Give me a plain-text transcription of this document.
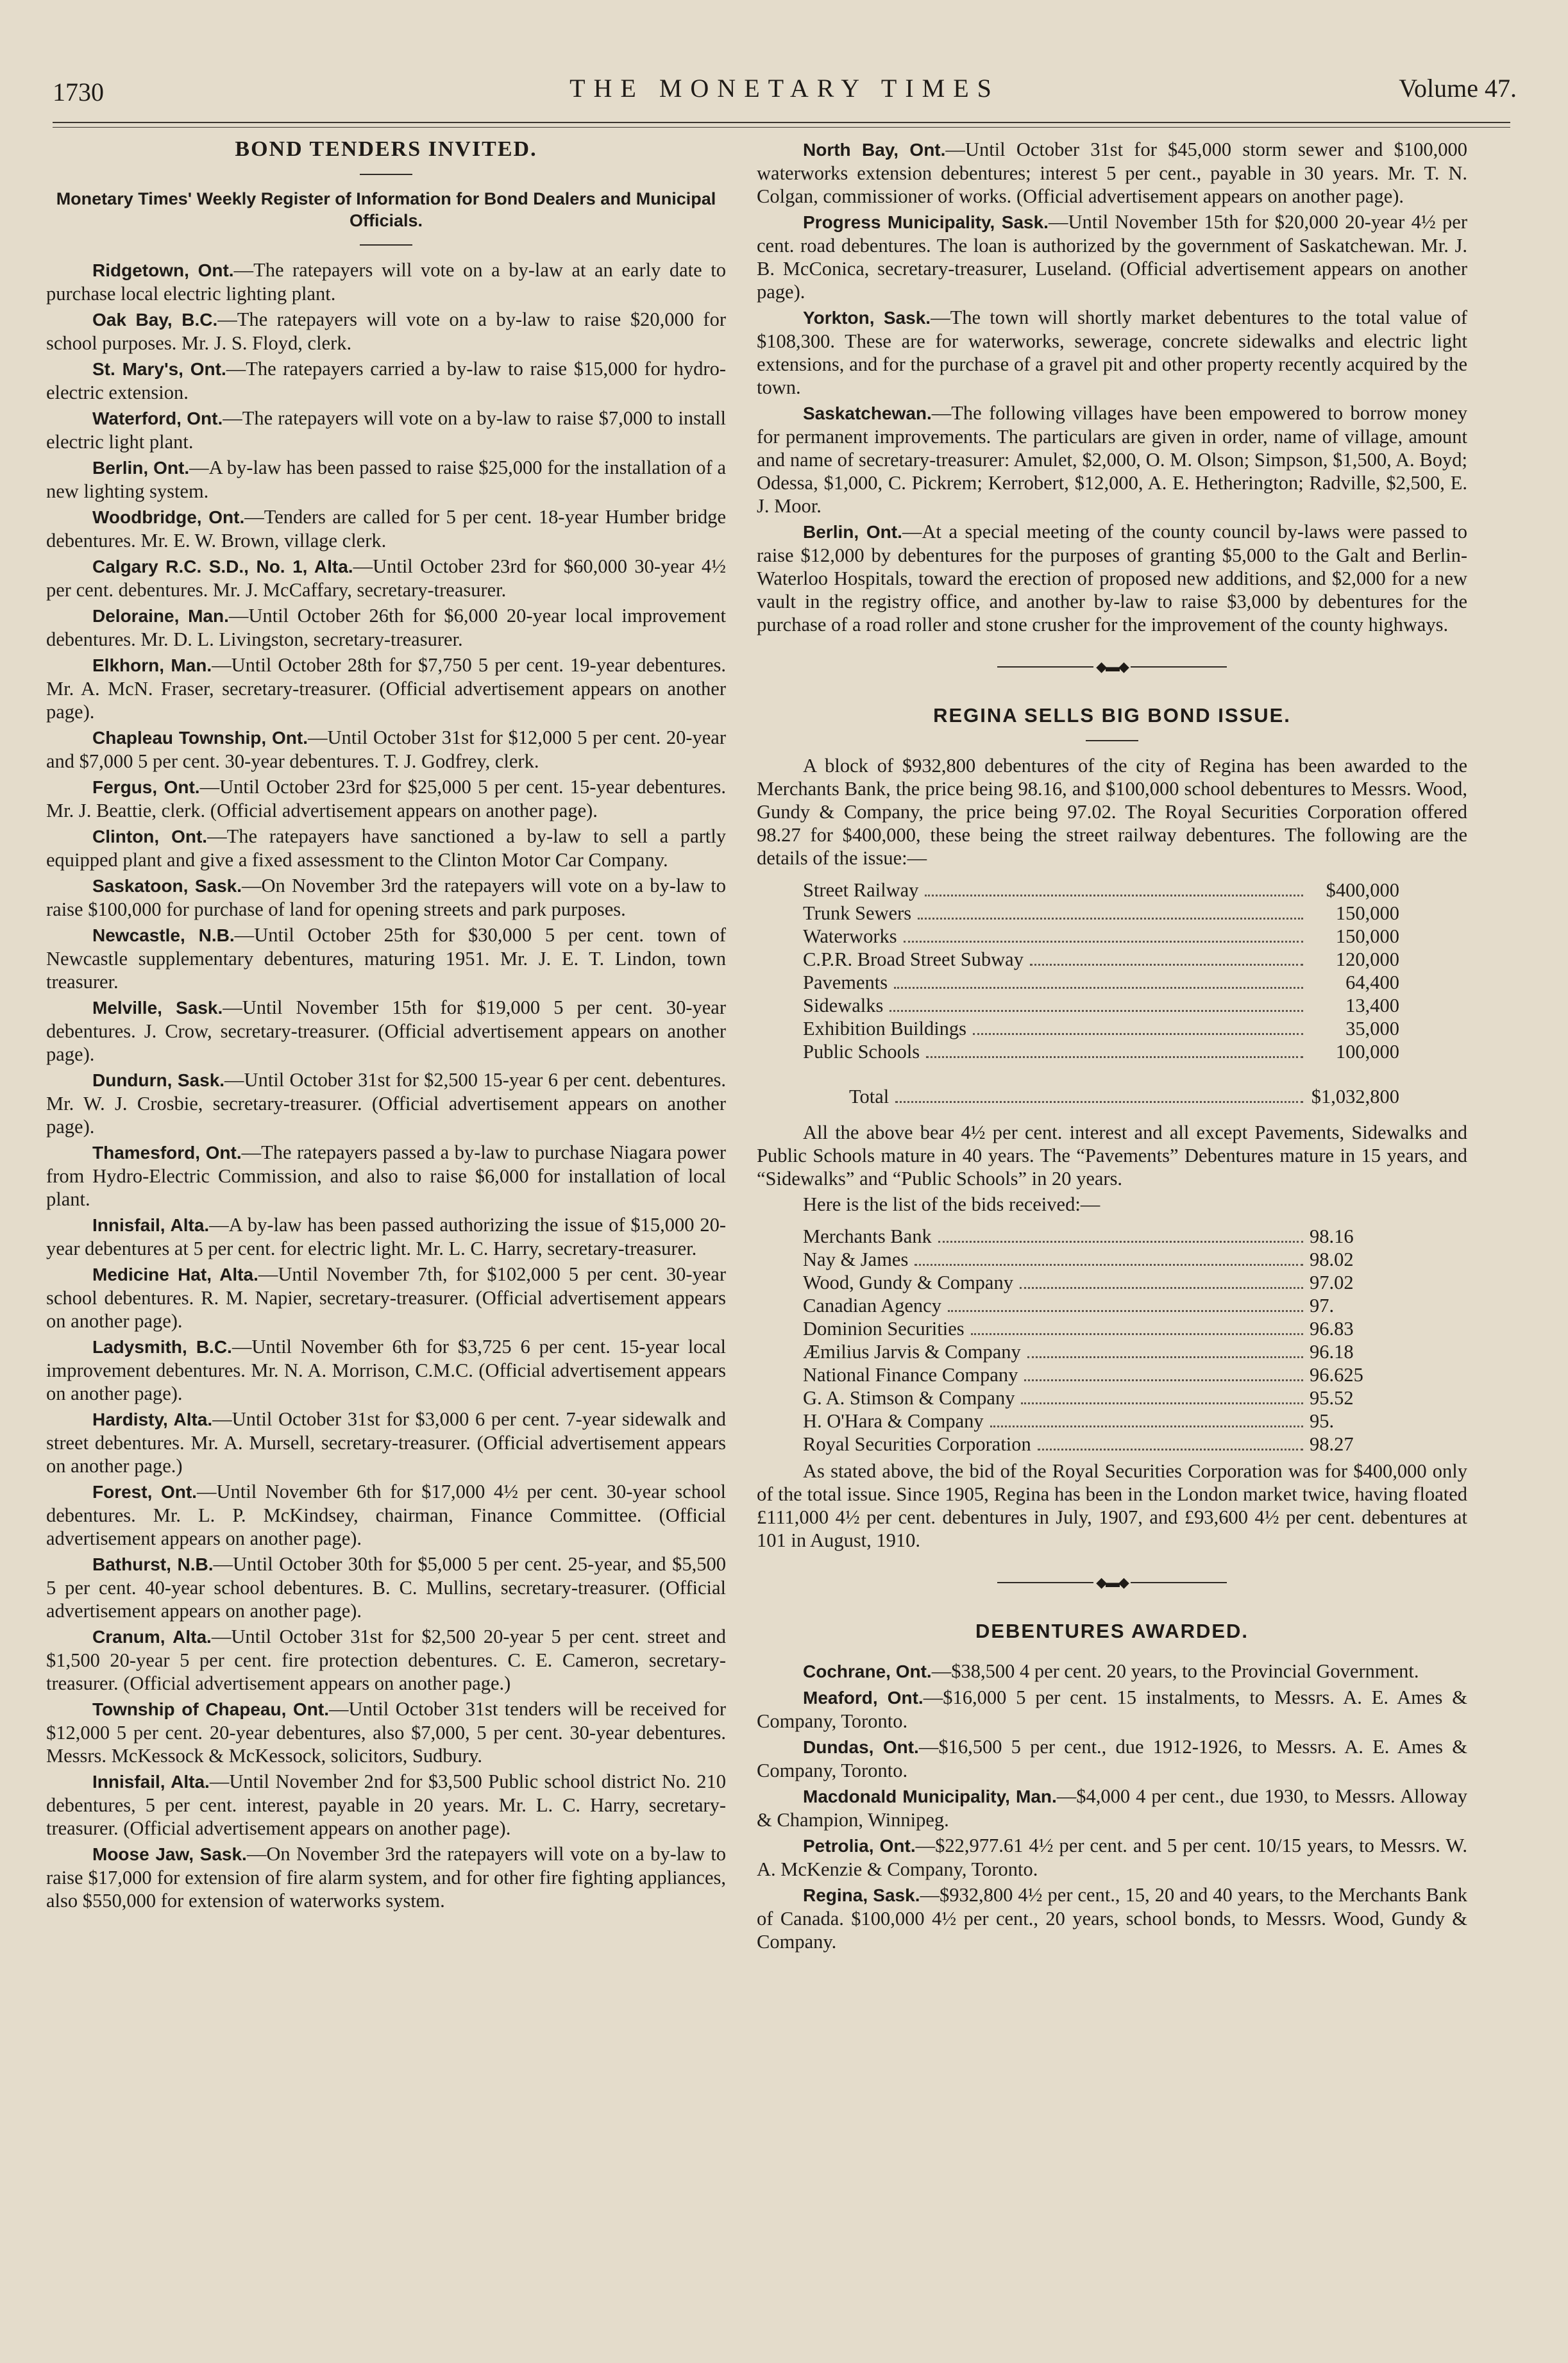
1730	THE MONETARY TIMES	Volume 47.
BOND TENDERS INVITED.
Monetary Times' Weekly Register of Information for Bond Dealers and Municipal Officials.

Ridgetown, Ont.—The ratepayers will vote on a by-law at an early date to purchase local electric lighting plant.

Oak Bay, B.C.—The ratepayers will vote on a by-law to raise $20,000 for school purposes. Mr. J. S. Floyd, clerk.

St. Mary's, Ont.—The ratepayers carried a by-law to raise $15,000 for hydro-electric extension.

Waterford, Ont.—The ratepayers will vote on a by-law to raise $7,000 to install electric light plant.

Berlin, Ont.—A by-law has been passed to raise $25,000 for the installation of a new lighting system.

Woodbridge, Ont.—Tenders are called for 5 per cent. 18-year Humber bridge debentures. Mr. E. W. Brown, village clerk.

Calgary R.C. S.D., No. 1, Alta.—Until October 23rd for $60,000 30-year 4½ per cent. debentures. Mr. J. McCaffary, secretary-treasurer.

Deloraine, Man.—Until October 26th for $6,000 20-year local improvement debentures. Mr. D. L. Livingston, secretary-treasurer.

Elkhorn, Man.—Until October 28th for $7,750 5 per cent. 19-year debentures. Mr. A. McN. Fraser, secretary-treasurer. (Official advertisement appears on another page).

Chapleau Township, Ont.—Until October 31st for $12,000 5 per cent. 20-year and $7,000 5 per cent. 30-year debentures. T. J. Godfrey, clerk.

Fergus, Ont.—Until October 23rd for $25,000 5 per cent. 15-year debentures. Mr. J. Beattie, clerk. (Official advertisement appears on another page).

Clinton, Ont.—The ratepayers have sanctioned a by-law to sell a partly equipped plant and give a fixed assessment to the Clinton Motor Car Company.

Saskatoon, Sask.—On November 3rd the ratepayers will vote on a by-law to raise $100,000 for purchase of land for opening streets and park purposes.

Newcastle, N.B.—Until October 25th for $30,000 5 per cent. town of Newcastle supplementary debentures, maturing 1951. Mr. J. E. T. Lindon, town treasurer.

Melville, Sask.—Until November 15th for $19,000 5 per cent. 30-year debentures. J. Crow, secretary-treasurer. (Official advertisement appears on another page).

Dundurn, Sask.—Until October 31st for $2,500 15-year 6 per cent. debentures. Mr. W. J. Crosbie, secretary-treasurer. (Official advertisement appears on another page).

Thamesford, Ont.—The ratepayers passed a by-law to purchase Niagara power from Hydro-Electric Commission, and also to raise $6,000 for installation of local plant.

Innisfail, Alta.—A by-law has been passed authorizing the issue of $15,000 20-year debentures at 5 per cent. for electric light. Mr. L. C. Harry, secretary-treasurer.

Medicine Hat, Alta.—Until November 7th, for $102,000 5 per cent. 30-year school debentures. R. M. Napier, secretary-treasurer. (Official advertisement appears on another page).

Ladysmith, B.C.—Until November 6th for $3,725 6 per cent. 15-year local improvement debentures. Mr. N. A. Morrison, C.M.C. (Official advertisement appears on another page).

Hardisty, Alta.—Until October 31st for $3,000 6 per cent. 7-year sidewalk and street debentures. Mr. A. Mursell, secretary-treasurer. (Official advertisement appears on another page.)

Forest, Ont.—Until November 6th for $17,000 4½ per cent. 30-year school debentures. Mr. L. P. McKindsey, chairman, Finance Committee. (Official advertisement appears on another page).

Bathurst, N.B.—Until October 30th for $5,000 5 per cent. 25-year, and $5,500 5 per cent. 40-year school debentures. B. C. Mullins, secretary-treasurer. (Official advertisement appears on another page).

Cranum, Alta.—Until October 31st for $2,500 20-year 5 per cent. street and $1,500 20-year 5 per cent. fire protection debentures. C. E. Cameron, secretary-treasurer. (Official advertisement appears on another page.)

Township of Chapeau, Ont.—Until October 31st tenders will be received for $12,000 5 per cent. 20-year debentures, also $7,000, 5 per cent. 30-year debentures. Messrs. McKessock & McKessock, solicitors, Sudbury.

Innisfail, Alta.—Until November 2nd for $3,500 Public school district No. 210 debentures, 5 per cent. interest, payable in 20 years. Mr. L. C. Harry, secretary-treasurer. (Official advertisement appears on another page).

Moose Jaw, Sask.—On November 3rd the ratepayers will vote on a by-law to raise $17,000 for extension of fire alarm system, and for other fire fighting appliances, also $550,000 for extension of waterworks system.

North Bay, Ont.—Until October 31st for $45,000 storm sewer and $100,000 waterworks extension debentures; interest 5 per cent., payable in 30 years. Mr. T. N. Colgan, commissioner of works. (Official advertisement appears on another page).

Progress Municipality, Sask.—Until November 15th for $20,000 20-year 4½ per cent. road debentures. The loan is authorized by the government of Saskatchewan. Mr. J. B. McConica, secretary-treasurer, Luseland. (Official advertisement appears on another page).

Yorkton, Sask.—The town will shortly market debentures to the total value of $108,300. These are for waterworks, sewerage, concrete sidewalks and electric light extensions, and for the purchase of a gravel pit and other property recently acquired by the town.

Saskatchewan.—The following villages have been empowered to borrow money for permanent improvements. The particulars are given in order, name of village, amount and name of secretary-treasurer: Amulet, $2,000, O. M. Olson; Simpson, $1,500, A. Boyd; Odessa, $1,000, C. Pickrem; Kerrobert, $12,000, A. E. Hetherington; Radville, $2,500, E. J. Moor.

Berlin, Ont.—At a special meeting of the county council by-laws were passed to raise $12,000 by debentures for the purposes of granting $5,000 to the Galt and Berlin-Waterloo Hospitals, toward the erection of proposed new additions, and $2,000 for a new vault in the registry office, and another by-law to raise $3,000 by debentures for the purchase of a road roller and stone crusher for the improvement of the county highways.

◆▬◆
REGINA SELLS BIG BOND ISSUE.

A block of $932,800 debentures of the city of Regina has been awarded to the Merchants Bank, the price being 98.16, and $100,000 school debentures to Messrs. Wood, Gundy & Company, the price being 97.02. The Royal Securities Corporation offered 98.27 for $400,000, these being the street railway debentures. The following are the details of the issue:—

Street Railway	$400,000
Trunk Sewers	150,000
Waterworks	150,000
C.P.R. Broad Street Subway	120,000
Pavements	64,400
Sidewalks	13,400
Exhibition Buildings	35,000
Public Schools	100,000
Total	$1,032,800

All the above bear 4½ per cent. interest and all except Pavements, Sidewalks and Public Schools mature in 40 years. The “Pavements” Debentures mature in 15 years, and “Sidewalks” and “Public Schools” in 20 years.

Here is the list of the bids received:—

Merchants Bank	98.16
Nay & James	98.02
Wood, Gundy & Company	97.02
Canadian Agency	97.
Dominion Securities	96.83
Æmilius Jarvis & Company	96.18
National Finance Company	96.625
G. A. Stimson & Company	95.52
H. O'Hara & Company	95.
Royal Securities Corporation	98.27

As stated above, the bid of the Royal Securities Corporation was for $400,000 only of the total issue. Since 1905, Regina has been in the London market twice, having floated £111,000 4½ per cent. debentures in July, 1907, and £93,600 4½ per cent. debentures at 101 in August, 1910.

◆▬◆
DEBENTURES AWARDED.

Cochrane, Ont.—$38,500 4 per cent. 20 years, to the Provincial Government.

Meaford, Ont.—$16,000 5 per cent. 15 instalments, to Messrs. A. E. Ames & Company, Toronto.

Dundas, Ont.—$16,500 5 per cent., due 1912-1926, to Messrs. A. E. Ames & Company, Toronto.

Macdonald Municipality, Man.—$4,000 4 per cent., due 1930, to Messrs. Alloway & Champion, Winnipeg.

Petrolia, Ont.—$22,977.61 4½ per cent. and 5 per cent. 10/15 years, to Messrs. W. A. McKenzie & Company, Toronto.

Regina, Sask.—$932,800 4½ per cent., 15, 20 and 40 years, to the Merchants Bank of Canada. $100,000 4½ per cent., 20 years, school bonds, to Messrs. Wood, Gundy & Company.
